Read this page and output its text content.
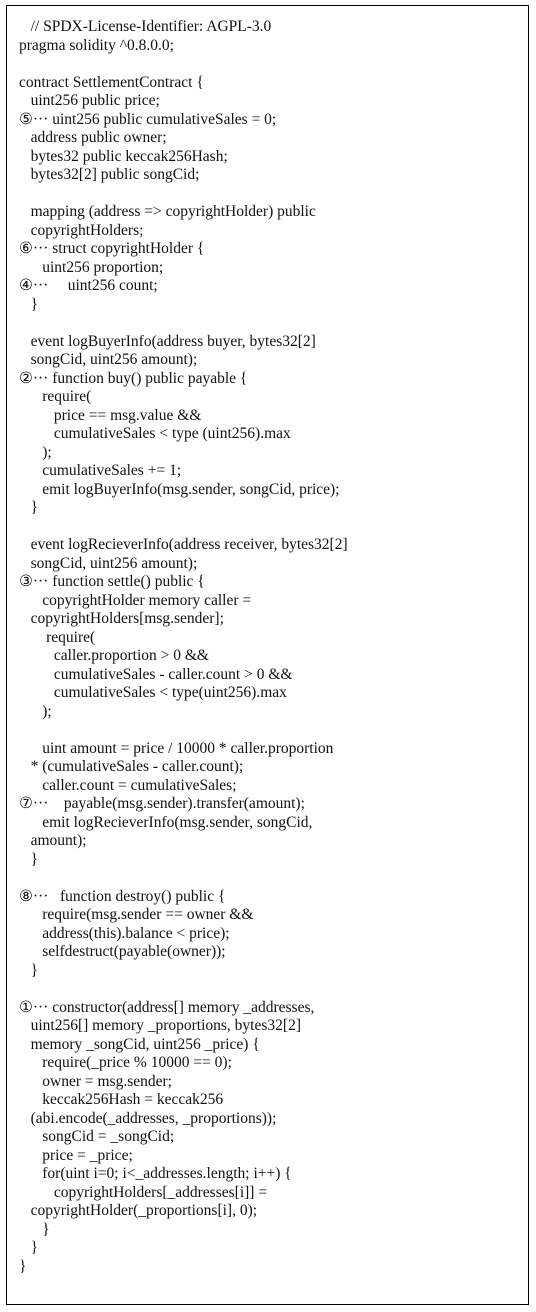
// SPDX-License-Identifier: AGPL-3.0
pragma solidity ^0.8.0.0;
contract SettlementContract {
uint256 public price;
⑤··· uint256 public cumulativeSales = 0;
address public owner;
bytes32 public keccak256Hash;
bytes32[2] public songCid;
mapping (address => copyrightHolder) public
copyrightHolders;
⑥··· struct copyrightHolder {
uint256 proportion;
④···     uint256 count;
}
event logBuyerInfo(address buyer, bytes32[2]
songCid, uint256 amount);
②··· function buy() public payable {
require(
price == msg.value &&
cumulativeSales < type (uint256).max
);
cumulativeSales += 1;
emit logBuyerInfo(msg.sender, songCid, price);
}
event logRecieverInfo(address receiver, bytes32[2]
songCid, uint256 amount);
③··· function settle() public {
copyrightHolder memory caller =
copyrightHolders[msg.sender];
require(
caller.proportion > 0 &&
cumulativeSales - caller.count > 0 &&
cumulativeSales < type(uint256).max
);
uint amount = price / 10000 * caller.proportion
* (cumulativeSales - caller.count);
caller.count = cumulativeSales;
⑦···    payable(msg.sender).transfer(amount);
emit logRecieverInfo(msg.sender, songCid,
amount);
}
⑧···   function destroy() public {
require(msg.sender == owner &&
address(this).balance < price);
selfdestruct(payable(owner));
}
①··· constructor(address[] memory _addresses,
uint256[] memory _proportions, bytes32[2]
memory _songCid, uint256 _price) {
require(_price % 10000 == 0);
owner = msg.sender;
keccak256Hash = keccak256
(abi.encode(_addresses, _proportions));
songCid = _songCid;
price = _price;
for(uint i=0; i<_addresses.length; i++) {
copyrightHolders[_addresses[i]] =
copyrightHolder(_proportions[i], 0);
}
}
}
